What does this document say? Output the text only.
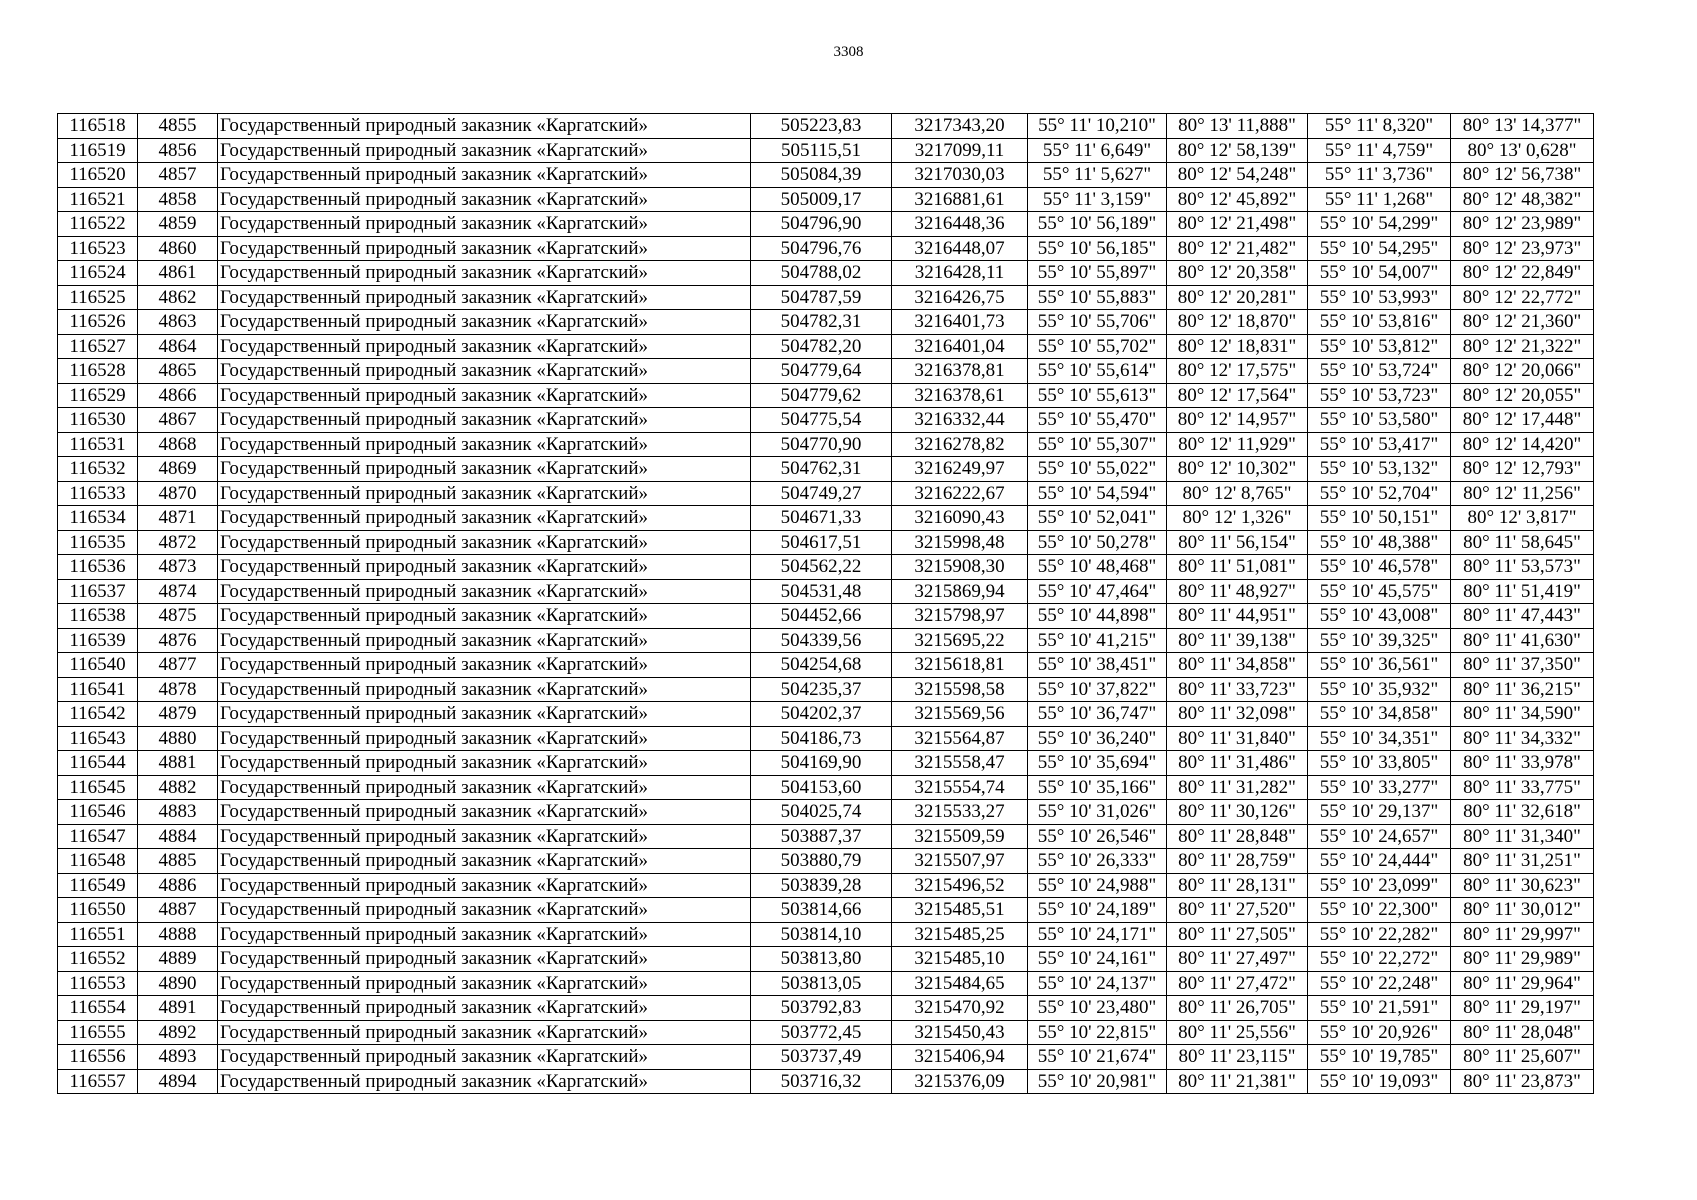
3308
116518	4855	Государственный природный заказник «Каргатский»	505223,83	3217343,20	55° 11' 10,210"	80° 13' 11,888"	55° 11' 8,320"	80° 13' 14,377"
116519	4856	Государственный природный заказник «Каргатский»	505115,51	3217099,11	55° 11' 6,649"	80° 12' 58,139"	55° 11' 4,759"	80° 13' 0,628"
116520	4857	Государственный природный заказник «Каргатский»	505084,39	3217030,03	55° 11' 5,627"	80° 12' 54,248"	55° 11' 3,736"	80° 12' 56,738"
116521	4858	Государственный природный заказник «Каргатский»	505009,17	3216881,61	55° 11' 3,159"	80° 12' 45,892"	55° 11' 1,268"	80° 12' 48,382"
116522	4859	Государственный природный заказник «Каргатский»	504796,90	3216448,36	55° 10' 56,189"	80° 12' 21,498"	55° 10' 54,299"	80° 12' 23,989"
116523	4860	Государственный природный заказник «Каргатский»	504796,76	3216448,07	55° 10' 56,185"	80° 12' 21,482"	55° 10' 54,295"	80° 12' 23,973"
116524	4861	Государственный природный заказник «Каргатский»	504788,02	3216428,11	55° 10' 55,897"	80° 12' 20,358"	55° 10' 54,007"	80° 12' 22,849"
116525	4862	Государственный природный заказник «Каргатский»	504787,59	3216426,75	55° 10' 55,883"	80° 12' 20,281"	55° 10' 53,993"	80° 12' 22,772"
116526	4863	Государственный природный заказник «Каргатский»	504782,31	3216401,73	55° 10' 55,706"	80° 12' 18,870"	55° 10' 53,816"	80° 12' 21,360"
116527	4864	Государственный природный заказник «Каргатский»	504782,20	3216401,04	55° 10' 55,702"	80° 12' 18,831"	55° 10' 53,812"	80° 12' 21,322"
116528	4865	Государственный природный заказник «Каргатский»	504779,64	3216378,81	55° 10' 55,614"	80° 12' 17,575"	55° 10' 53,724"	80° 12' 20,066"
116529	4866	Государственный природный заказник «Каргатский»	504779,62	3216378,61	55° 10' 55,613"	80° 12' 17,564"	55° 10' 53,723"	80° 12' 20,055"
116530	4867	Государственный природный заказник «Каргатский»	504775,54	3216332,44	55° 10' 55,470"	80° 12' 14,957"	55° 10' 53,580"	80° 12' 17,448"
116531	4868	Государственный природный заказник «Каргатский»	504770,90	3216278,82	55° 10' 55,307"	80° 12' 11,929"	55° 10' 53,417"	80° 12' 14,420"
116532	4869	Государственный природный заказник «Каргатский»	504762,31	3216249,97	55° 10' 55,022"	80° 12' 10,302"	55° 10' 53,132"	80° 12' 12,793"
116533	4870	Государственный природный заказник «Каргатский»	504749,27	3216222,67	55° 10' 54,594"	80° 12' 8,765"	55° 10' 52,704"	80° 12' 11,256"
116534	4871	Государственный природный заказник «Каргатский»	504671,33	3216090,43	55° 10' 52,041"	80° 12' 1,326"	55° 10' 50,151"	80° 12' 3,817"
116535	4872	Государственный природный заказник «Каргатский»	504617,51	3215998,48	55° 10' 50,278"	80° 11' 56,154"	55° 10' 48,388"	80° 11' 58,645"
116536	4873	Государственный природный заказник «Каргатский»	504562,22	3215908,30	55° 10' 48,468"	80° 11' 51,081"	55° 10' 46,578"	80° 11' 53,573"
116537	4874	Государственный природный заказник «Каргатский»	504531,48	3215869,94	55° 10' 47,464"	80° 11' 48,927"	55° 10' 45,575"	80° 11' 51,419"
116538	4875	Государственный природный заказник «Каргатский»	504452,66	3215798,97	55° 10' 44,898"	80° 11' 44,951"	55° 10' 43,008"	80° 11' 47,443"
116539	4876	Государственный природный заказник «Каргатский»	504339,56	3215695,22	55° 10' 41,215"	80° 11' 39,138"	55° 10' 39,325"	80° 11' 41,630"
116540	4877	Государственный природный заказник «Каргатский»	504254,68	3215618,81	55° 10' 38,451"	80° 11' 34,858"	55° 10' 36,561"	80° 11' 37,350"
116541	4878	Государственный природный заказник «Каргатский»	504235,37	3215598,58	55° 10' 37,822"	80° 11' 33,723"	55° 10' 35,932"	80° 11' 36,215"
116542	4879	Государственный природный заказник «Каргатский»	504202,37	3215569,56	55° 10' 36,747"	80° 11' 32,098"	55° 10' 34,858"	80° 11' 34,590"
116543	4880	Государственный природный заказник «Каргатский»	504186,73	3215564,87	55° 10' 36,240"	80° 11' 31,840"	55° 10' 34,351"	80° 11' 34,332"
116544	4881	Государственный природный заказник «Каргатский»	504169,90	3215558,47	55° 10' 35,694"	80° 11' 31,486"	55° 10' 33,805"	80° 11' 33,978"
116545	4882	Государственный природный заказник «Каргатский»	504153,60	3215554,74	55° 10' 35,166"	80° 11' 31,282"	55° 10' 33,277"	80° 11' 33,775"
116546	4883	Государственный природный заказник «Каргатский»	504025,74	3215533,27	55° 10' 31,026"	80° 11' 30,126"	55° 10' 29,137"	80° 11' 32,618"
116547	4884	Государственный природный заказник «Каргатский»	503887,37	3215509,59	55° 10' 26,546"	80° 11' 28,848"	55° 10' 24,657"	80° 11' 31,340"
116548	4885	Государственный природный заказник «Каргатский»	503880,79	3215507,97	55° 10' 26,333"	80° 11' 28,759"	55° 10' 24,444"	80° 11' 31,251"
116549	4886	Государственный природный заказник «Каргатский»	503839,28	3215496,52	55° 10' 24,988"	80° 11' 28,131"	55° 10' 23,099"	80° 11' 30,623"
116550	4887	Государственный природный заказник «Каргатский»	503814,66	3215485,51	55° 10' 24,189"	80° 11' 27,520"	55° 10' 22,300"	80° 11' 30,012"
116551	4888	Государственный природный заказник «Каргатский»	503814,10	3215485,25	55° 10' 24,171"	80° 11' 27,505"	55° 10' 22,282"	80° 11' 29,997"
116552	4889	Государственный природный заказник «Каргатский»	503813,80	3215485,10	55° 10' 24,161"	80° 11' 27,497"	55° 10' 22,272"	80° 11' 29,989"
116553	4890	Государственный природный заказник «Каргатский»	503813,05	3215484,65	55° 10' 24,137"	80° 11' 27,472"	55° 10' 22,248"	80° 11' 29,964"
116554	4891	Государственный природный заказник «Каргатский»	503792,83	3215470,92	55° 10' 23,480"	80° 11' 26,705"	55° 10' 21,591"	80° 11' 29,197"
116555	4892	Государственный природный заказник «Каргатский»	503772,45	3215450,43	55° 10' 22,815"	80° 11' 25,556"	55° 10' 20,926"	80° 11' 28,048"
116556	4893	Государственный природный заказник «Каргатский»	503737,49	3215406,94	55° 10' 21,674"	80° 11' 23,115"	55° 10' 19,785"	80° 11' 25,607"
116557	4894	Государственный природный заказник «Каргатский»	503716,32	3215376,09	55° 10' 20,981"	80° 11' 21,381"	55° 10' 19,093"	80° 11' 23,873"
